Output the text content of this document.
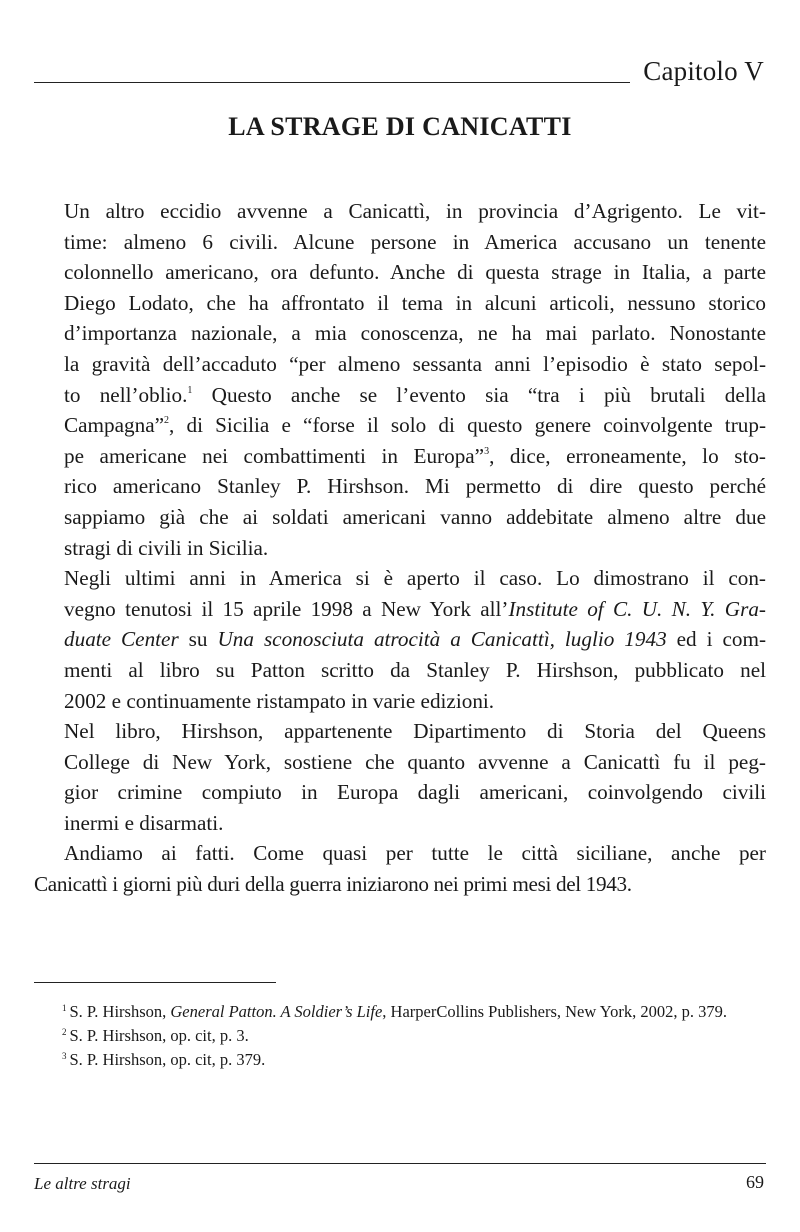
Capitolo V
LA STRAGE DI CANICATTI

Un altro eccidio avvenne a Canicattì, in provincia d’Agrigento. Le vit-
time: almeno 6 civili. Alcune persone in America accusano un tenente
colonnello americano, ora defunto. Anche di questa strage in Italia, a parte
Diego Lodato, che ha affrontato il tema in alcuni articoli, nessuno storico
d’importanza nazionale, a mia conoscenza, ne ha mai parlato. Nonostante
la gravità dell’accaduto “per almeno sessanta anni l’episodio è stato sepol-
to nell’oblio.$^1$ Questo anche se l’evento sia “tra i più brutali della
Campagna”$^2$, di Sicilia e “forse il solo di questo genere coinvolgente trup-
pe americane nei combattimenti in Europa”$^3$, dice, erroneamente, lo sto-
rico americano Stanley P. Hirshson. Mi permetto di dire questo perché
sappiamo già che ai soldati americani vanno addebitate almeno altre due
stragi di civili in Sicilia.

Negli ultimi anni in America si è aperto il caso. Lo dimostrano il con-
vegno tenutosi il 15 aprile 1998 a New York all’Institute of C. U. N. Y. Gra-
duate Center su Una sconosciuta atrocità a Canicattì, luglio 1943 ed i com-
menti al libro su Patton scritto da Stanley P. Hirshson, pubblicato nel
2002 e continuamente ristampato in varie edizioni.

Nel libro, Hirshson, appartenente Dipartimento di Storia del Queens
College di New York, sostiene che quanto avvenne a Canicattì fu il peg-
gior crimine compiuto in Europa dagli americani, coinvolgendo civili
inermi e disarmati.

Andiamo ai fatti. Come quasi per tutte le città siciliane, anche per
Canicattì i giorni più duri della guerra iniziarono nei primi mesi del 1943.

$^1$ S. P. Hirshson, General Patton. A Soldier’s Life, HarperCollins Publishers, New York, 2002, p. 379.

$^2$ S. P. Hirshson, op. cit, p. 3.

$^3$ S. P. Hirshson, op. cit, p. 379.

Le altre stragi	69
